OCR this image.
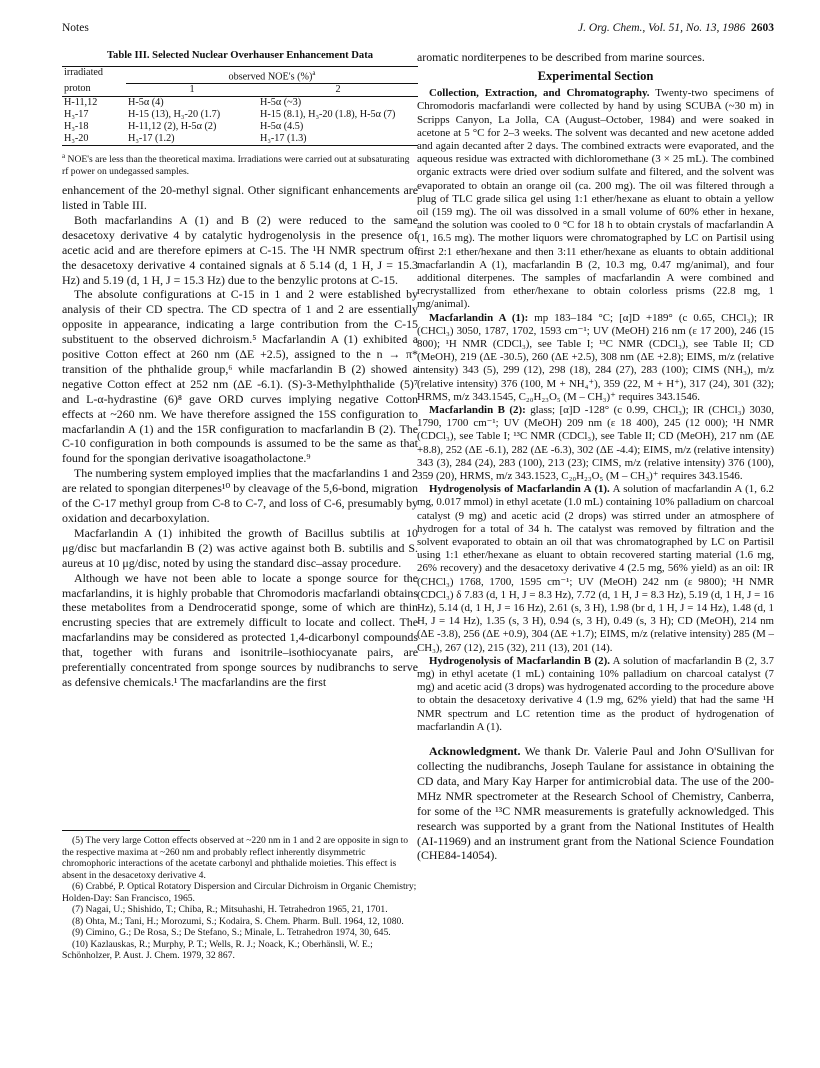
Notes	J. Org. Chem., Vol. 51, No. 13, 1986 2603
Table III. Selected Nuclear Overhauser Enhancement Data
irradiated	observed NOE's (%)$^a$
proton	1	2
H-11,12	H-5α (4)	H-5α (~3)
H₃-17	H-15 (13), H₃-20 (1.7)	H-15 (8.1), H₃-20 (1.8), H-5α (7)
H₃-18	H-11,12 (2), H-5α (2)	H-5α (4.5)
H₃-20	H₃-17 (1.2)	H₃-17 (1.3)
$^a$ NOE's are less than the theoretical maxima. Irradiations were carried out at subsaturating rf power on undegassed samples.

enhancement of the 20-methyl signal. Other significant enhancements are listed in Table III.

Both macfarlandins A (1) and B (2) were reduced to the same desacetoxy derivative 4 by catalytic hydrogenolysis in the presence of acetic acid and are therefore epimers at C-15. The ¹H NMR spectrum of the desacetoxy derivative 4 contained signals at δ 5.14 (d, 1 H, J = 15.3 Hz) and 5.19 (d, 1 H, J = 15.3 Hz) due to the benzylic protons at C-15.

The absolute configurations at C-15 in 1 and 2 were established by analysis of their CD spectra. The CD spectra of 1 and 2 are essentially opposite in appearance, indicating a large contribution from the C-15 substituent to the observed dichroism.⁵ Macfarlandin A (1) exhibited a positive Cotton effect at 260 nm (ΔE +2.5), assigned to the n → π* transition of the phthalide group,⁶ while macfarlandin B (2) showed a negative Cotton effect at 252 nm (ΔE -6.1). (S)-3-Methylphthalide (5)⁷ and L-α-hydrastine (6)⁸ gave ORD curves implying negative Cotton effects at ~260 nm. We have therefore assigned the 15S configuration to macfarlandin A (1) and the 15R configuration to macfarlandin B (2). The C-10 configuration in both compounds is assumed to be the same as that found for the spongian derivative isoagatholactone.⁹

The numbering system employed implies that the macfarlandins 1 and 2 are related to spongian diterpenes¹⁰ by cleavage of the 5,6-bond, migration of the C-17 methyl group from C-8 to C-7, and loss of C-6, presumably by oxidation and decarboxylation.

Macfarlandin A (1) inhibited the growth of Bacillus subtilis at 10 μg/disc but macfarlandin B (2) was active against both B. subtilis and S. aureus at 10 μg/disc, noted by using the standard disc–assay procedure.

Although we have not been able to locate a sponge source for the macfarlandins, it is highly probable that Chromodoris macfarlandi obtains these metabolites from a Dendroceratid sponge, some of which are thin encrusting species that are extremely difficult to locate and collect. The macfarlandins may be considered as protected 1,4-dicarbonyl compounds that, together with furans and isonitrile–isothiocyanate pairs, are preferentially concentrated from sponge sources by nudibranchs to serve as defensive chemicals.¹ The macfarlandins are the first

(5) The very large Cotton effects observed at ~220 nm in 1 and 2 are opposite in sign to the respective maxima at ~260 nm and probably reflect inherently disymmetric chromophoric interactions of the acetate carbonyl and phthalide moieties. This effect is absent in the desacetoxy derivative 4.

(6) Crabbé, P. Optical Rotatory Dispersion and Circular Dichroism in Organic Chemistry; Holden-Day: San Francisco, 1965.

(7) Nagai, U.; Shishido, T.; Chiba, R.; Mitsuhashi, H. Tetrahedron 1965, 21, 1701.

(8) Ohta, M.; Tani, H.; Morozumi, S.; Kodaira, S. Chem. Pharm. Bull. 1964, 12, 1080.

(9) Cimino, G.; De Rosa, S.; De Stefano, S.; Minale, L. Tetrahedron 1974, 30, 645.

(10) Kazlauskas, R.; Murphy, P. T.; Wells, R. J.; Noack, K.; Oberhänsli, W. E.; Schönholzer, P. Aust. J. Chem. 1979, 32 867.

aromatic norditerpenes to be described from marine sources.

Experimental Section

Collection, Extraction, and Chromatography. Twenty-two specimens of Chromodoris macfarlandi were collected by hand by using SCUBA (~30 m) in Scripps Canyon, La Jolla, CA (August–October, 1984) and were soaked in acetone at 5 °C for 2–3 weeks. The solvent was decanted and new acetone added and again decanted after 2 days. The combined extracts were evaporated, and the aqueous residue was extracted with dichloromethane (3 × 25 mL). The combined organic extracts were dried over sodium sulfate and filtered, and the solvent was evaporated to obtain an orange oil (ca. 200 mg). The oil was filtered through a plug of TLC grade silica gel using 1:1 ether/hexane as eluant to obtain a yellow oil (159 mg). The oil was dissolved in a small volume of 60% ether in hexane, and the solution was cooled to 0 °C for 18 h to obtain crystals of macfarlandin A (1, 16.5 mg). The mother liquors were chromatographed by LC on Partisil using first 2:1 ether/hexane and then 3:11 ether/hexane as eluants to obtain additional macfarlandin A (1), macfarlandin B (2, 10.3 mg, 0.47 mg/animal), and four additional diterpenes. The samples of macfarlandin A were combined and recrystallized from ether/hexane to obtain colorless prisms (22.8 mg, 1 mg/animal).

Macfarlandin A (1): mp 183–184 °C; [α]D +189° (c 0.65, CHCl₃); IR (CHCl₃) 3050, 1787, 1702, 1593 cm⁻¹; UV (MeOH) 216 nm (ε 17 200), 246 (15 800); ¹H NMR (CDCl₃), see Table I; ¹³C NMR (CDCl₃), see Table II; CD (MeOH), 219 (ΔE -30.5), 260 (ΔE +2.5), 308 nm (ΔE +2.8); EIMS, m/z (relative intensity) 343 (5), 299 (12), 298 (18), 284 (27), 283 (100); CIMS (NH₃), m/z (relative intensity) 376 (100, M + NH₄⁺), 359 (22, M + H⁺), 317 (24), 301 (32); HRMS, m/z 343.1545, C₂₀H₂₃O₅ (M – CH₃)⁺ requires 343.1546.

Macfarlandin B (2): glass; [α]D -128° (c 0.99, CHCl₃); IR (CHCl₃) 3030, 1790, 1700 cm⁻¹; UV (MeOH) 209 nm (ε 18 400), 245 (12 000); ¹H NMR (CDCl₃), see Table I; ¹³C NMR (CDCl₃), see Table II; CD (MeOH), 217 nm (ΔE +8.8), 252 (ΔE -6.1), 282 (ΔE -6.3), 302 (ΔE -4.4); EIMS, m/z (relative intensity) 343 (3), 284 (24), 283 (100), 213 (23); CIMS, m/z (relative intensity) 376 (100), 359 (20), HRMS, m/z 343.1523, C₂₀H₂₃O₅ (M – CH₃)⁺ requires 343.1546.

Hydrogenolysis of Macfarlandin A (1). A solution of macfarlandin A (1, 6.2 mg, 0.017 mmol) in ethyl acetate (1.0 mL) containing 10% palladium on charcoal catalyst (9 mg) and acetic acid (2 drops) was stirred under an atmosphere of hydrogen for a total of 34 h. The catalyst was removed by filtration and the solvent evaporated to obtain an oil that was chromatographed by LC on Partisil using 1:1 ether/hexane as eluant to obtain recovered starting material (1.6 mg, 26% recovery) and the desacetoxy derivative 4 (2.5 mg, 56% yield) as an oil: IR (CHCl₃) 1768, 1700, 1595 cm⁻¹; UV (MeOH) 242 nm (ε 9800); ¹H NMR (CDCl₃) δ 7.83 (d, 1 H, J = 8.3 Hz), 7.72 (d, 1 H, J = 8.3 Hz), 5.19 (d, 1 H, J = 16 Hz), 5.14 (d, 1 H, J = 16 Hz), 2.61 (s, 3 H), 1.98 (br d, 1 H, J = 14 Hz), 1.48 (d, 1 H, J = 14 Hz), 1.35 (s, 3 H), 0.94 (s, 3 H), 0.49 (s, 3 H); CD (MeOH), 214 nm (ΔE -3.8), 256 (ΔE +0.9), 304 (ΔE +1.7); EIMS, m/z (relative intensity) 285 (M – CH₃), 267 (12), 215 (32), 211 (13), 201 (14).

Hydrogenolysis of Macfarlandin B (2). A solution of macfarlandin B (2, 3.7 mg) in ethyl acetate (1 mL) containing 10% palladium on charcoal catalyst (7 mg) and acetic acid (3 drops) was hydrogenated according to the procedure above to obtain the desacetoxy derivative 4 (1.9 mg, 62% yield) that had the same ¹H NMR spectrum and LC retention time as the product of hydrogenation of macfarlandin A (1).

Acknowledgment. We thank Dr. Valerie Paul and John O'Sullivan for collecting the nudibranchs, Joseph Taulane for assistance in obtaining the CD data, and Mary Kay Harper for antimicrobial data. The use of the 200-MHz NMR spectrometer at the Research School of Chemistry, Canberra, for some of the ¹³C NMR measurements is gratefully acknowledged. This research was supported by a grant from the National Institutes of Health (AI-11969) and an instrument grant from the National Science Foundation (CHE84-14054).
